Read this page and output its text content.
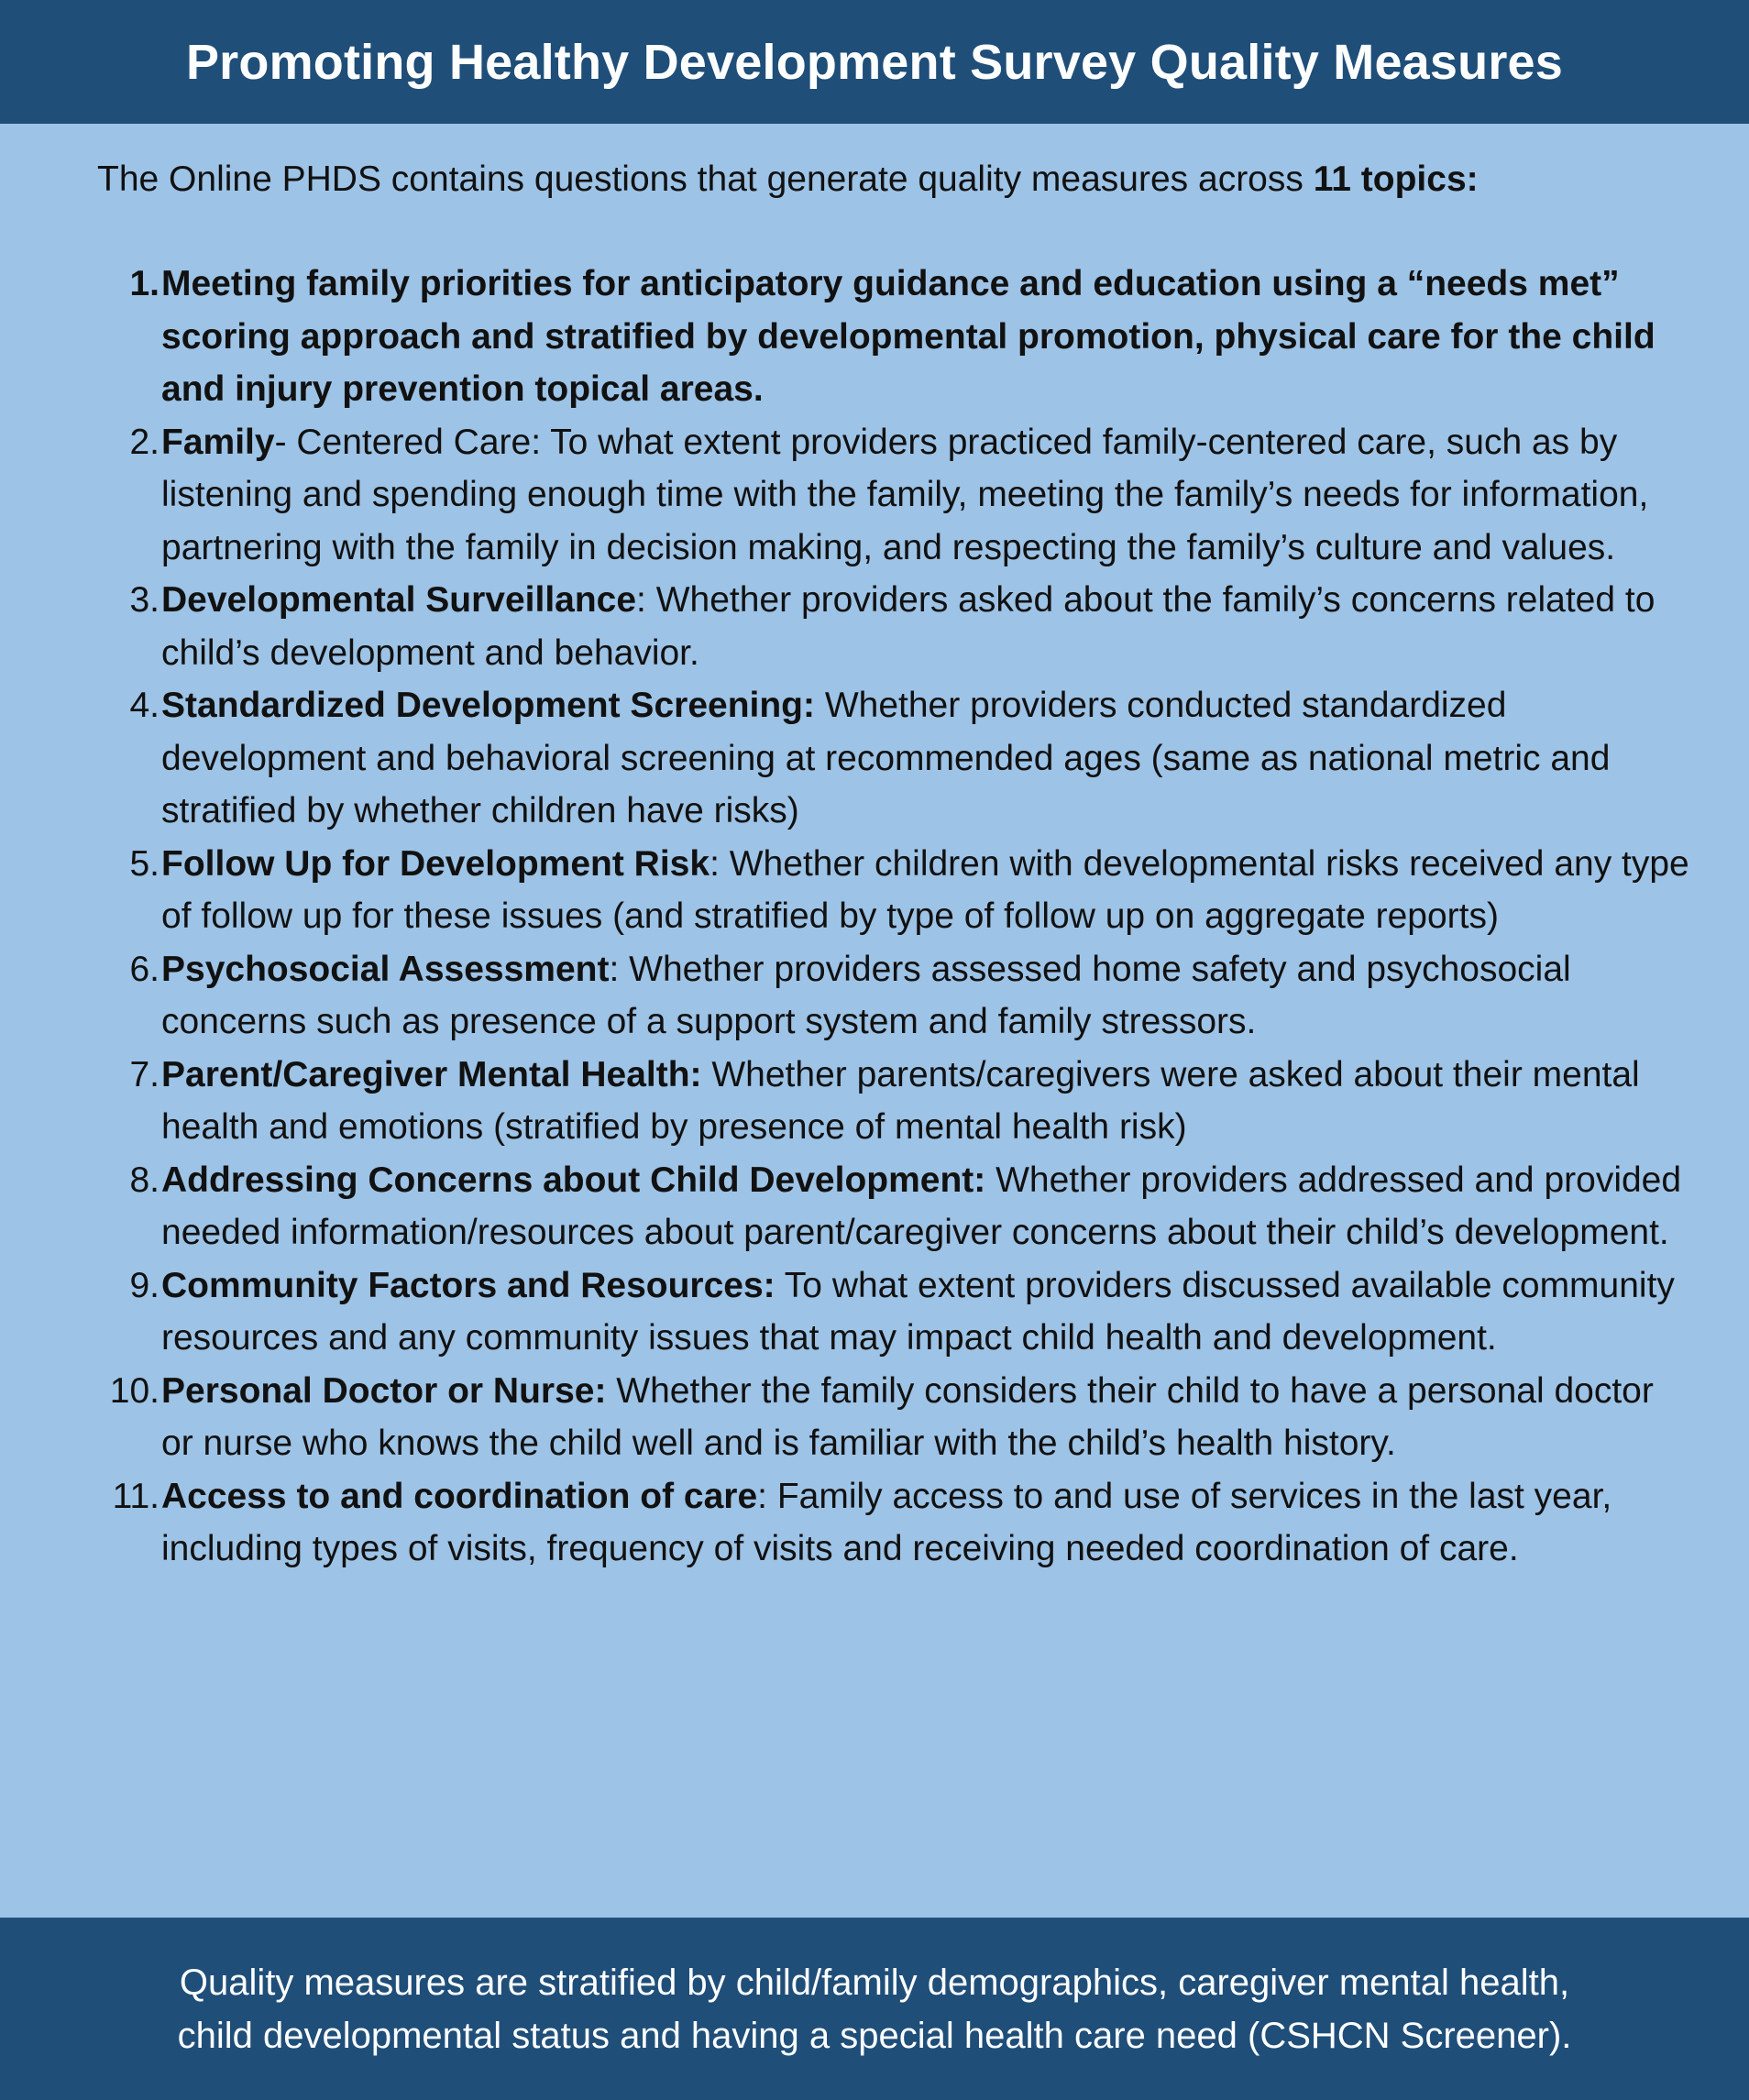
Promoting Healthy Development Survey Quality Measures
The Online PHDS contains questions that generate quality measures across 11 topics:
1. Meeting family priorities for anticipatory guidance and education using a “needs met” scoring approach and stratified by developmental promotion, physical care for the child and injury prevention topical areas.
2. Family- Centered Care: To what extent providers practiced family-centered care, such as by listening and spending enough time with the family, meeting the family’s needs for information, partnering with the family in decision making, and respecting the family’s culture and values.
3. Developmental Surveillance: Whether providers asked about the family’s concerns related to child’s development and behavior.
4. Standardized Development Screening: Whether providers conducted standardized development and behavioral screening at recommended ages (same as national metric and stratified by whether children have risks)
5. Follow Up for Development Risk: Whether children with developmental risks received any type of follow up for these issues (and stratified by type of follow up on aggregate reports)
6. Psychosocial Assessment: Whether providers assessed home safety and psychosocial concerns such as presence of a support system and family stressors.
7. Parent/Caregiver Mental Health: Whether parents/caregivers were asked about their mental health and emotions (stratified by presence of mental health risk)
8. Addressing Concerns about Child Development: Whether providers addressed and provided needed information/resources about parent/caregiver concerns about their child’s development.
9. Community Factors and Resources: To what extent providers discussed available community resources and any community issues that may impact child health and development.
10. Personal Doctor or Nurse: Whether the family considers their child to have a personal doctor or nurse who knows the child well and is familiar with the child’s health history.
11. Access to and coordination of care: Family access to and use of services in the last year, including types of visits, frequency of visits and receiving needed coordination of care.

Quality measures are stratified by child/family demographics, caregiver mental health,

child developmental status and having a special health care need (CSHCN Screener).
